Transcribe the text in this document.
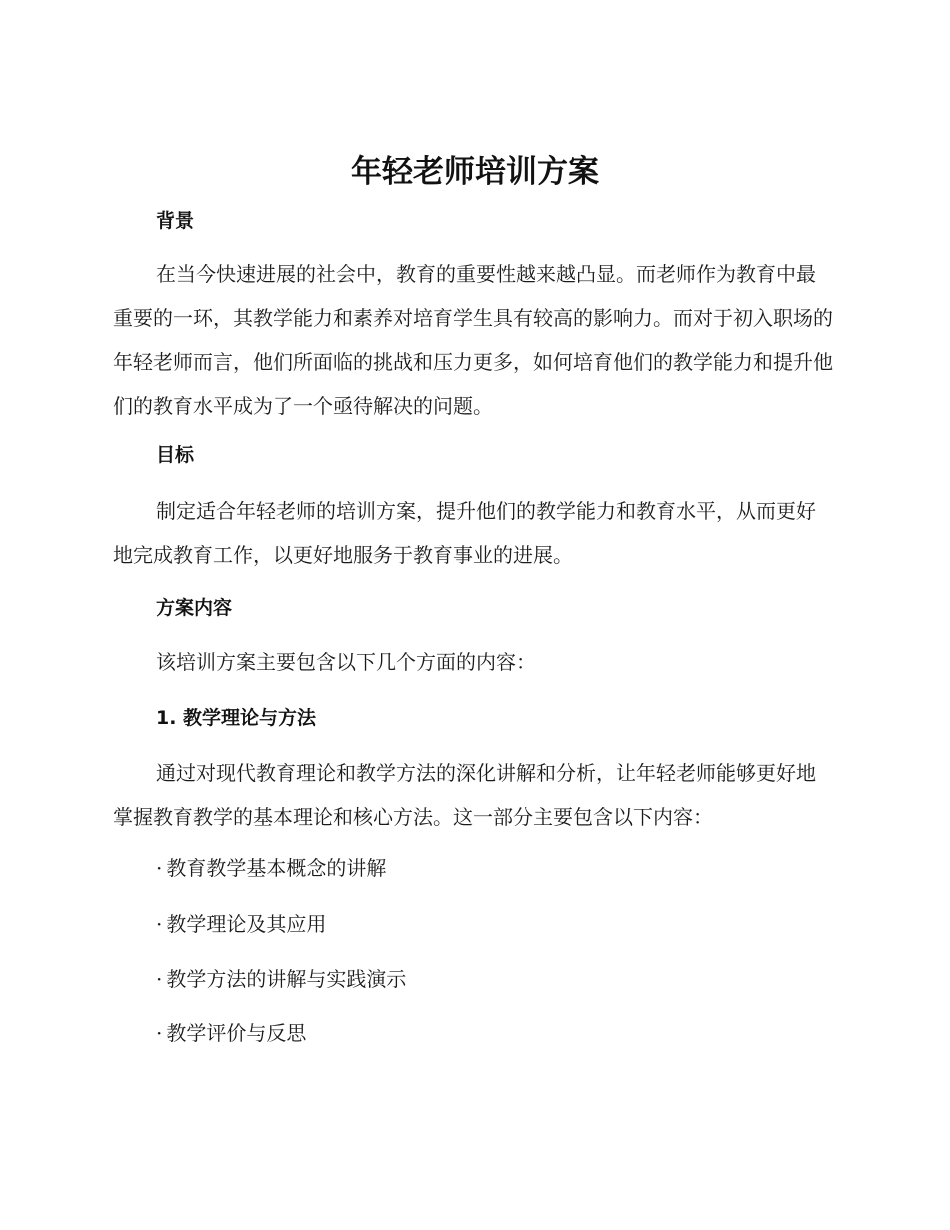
年轻老师培训方案
背景
在当今快速进展的社会中，教育的重要性越来越凸显。而老师作为教育中最重要的一环，其教学能力和素养对培育学生具有较高的影响力。而对于初入职场的年轻老师而言，他们所面临的挑战和压力更多，如何培育他们的教学能力和提升他们的教育水平成为了一个亟待解决的问题。
目标
制定适合年轻老师的培训方案，提升他们的教学能力和教育水平，从而更好地完成教育工作，以更好地服务于教育事业的进展。
方案内容
该培训方案主要包含以下几个方面的内容：
1. 教学理论与方法
通过对现代教育理论和教学方法的深化讲解和分析，让年轻老师能够更好地掌握教育教学的基本理论和核心方法。这一部分主要包含以下内容：
· 教育教学基本概念的讲解
· 教学理论及其应用
· 教学方法的讲解与实践演示
· 教学评价与反思
